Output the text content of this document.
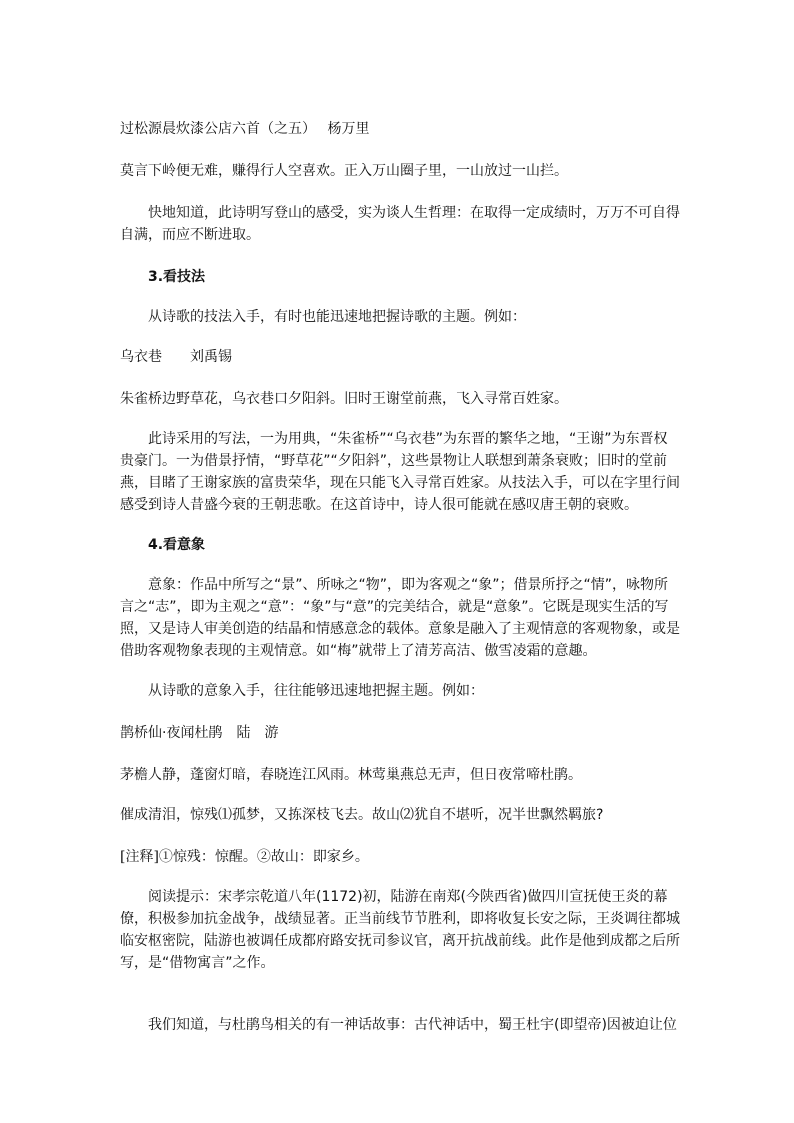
过松源晨炊漆公店六首（之五）　 杨万里

莫言下岭便无难，赚得行人空喜欢。正入万山圈子里，一山放过一山拦。

快地知道，此诗明写登山的感受，实为谈人生哲理：在取得一定成绩时，万万不可自得自满，而应不断进取。

3.看技法

从诗歌的技法入手，有时也能迅速地把握诗歌的主题。例如：

乌衣巷　　刘禹锡

朱雀桥边野草花，乌衣巷口夕阳斜。旧时王谢堂前燕，飞入寻常百姓家。

此诗采用的写法，一为用典，“朱雀桥”“乌衣巷”为东晋的繁华之地，“王谢”为东晋权贵豪门。一为借景抒情，“野草花”“夕阳斜”，这些景物让人联想到萧条衰败；旧时的堂前燕，目睹了王谢家族的富贵荣华，现在只能飞入寻常百姓家。从技法入手，可以在字里行间感受到诗人昔盛今衰的王朝悲歌。在这首诗中，诗人很可能就在感叹唐王朝的衰败。

4.看意象

意象：作品中所写之“景”、所咏之“物”，即为客观之“象”；借景所抒之“情”，咏物所言之“志”，即为主观之“意”：“象”与“意”的完美结合，就是“意象”。它既是现实生活的写照，又是诗人审美创造的结晶和情感意念的载体。意象是融入了主观情意的客观物象，或是借助客观物象表现的主观情意。如“梅”就带上了清芳高洁、傲雪凌霜的意趣。

从诗歌的意象入手，往往能够迅速地把握主题。例如：

鹊桥仙·夜闻杜鹃　陆　游

茅檐人静，蓬窗灯暗，春晓连江风雨。林莺巢燕总无声，但日夜常啼杜鹃。

催成清泪，惊残⑴孤梦，又拣深枝飞去。故山⑵犹自不堪听，况半世飘然羁旅?

[注释]①惊残：惊醒。②故山：即家乡。

阅读提示：宋孝宗乾道八年(1172)初，陆游在南郑(今陕西省)做四川宣抚使王炎的幕僚，积极参加抗金战争，战绩显著。正当前线节节胜利，即将收复长安之际，王炎调往都城临安枢密院，陆游也被调任成都府路安抚司参议官，离开抗战前线。此作是他到成都之后所写，是“借物寓言”之作。

我们知道，与杜鹃鸟相关的有一神话故事：古代神话中，蜀王杜宇(即望帝)因被迫让位
